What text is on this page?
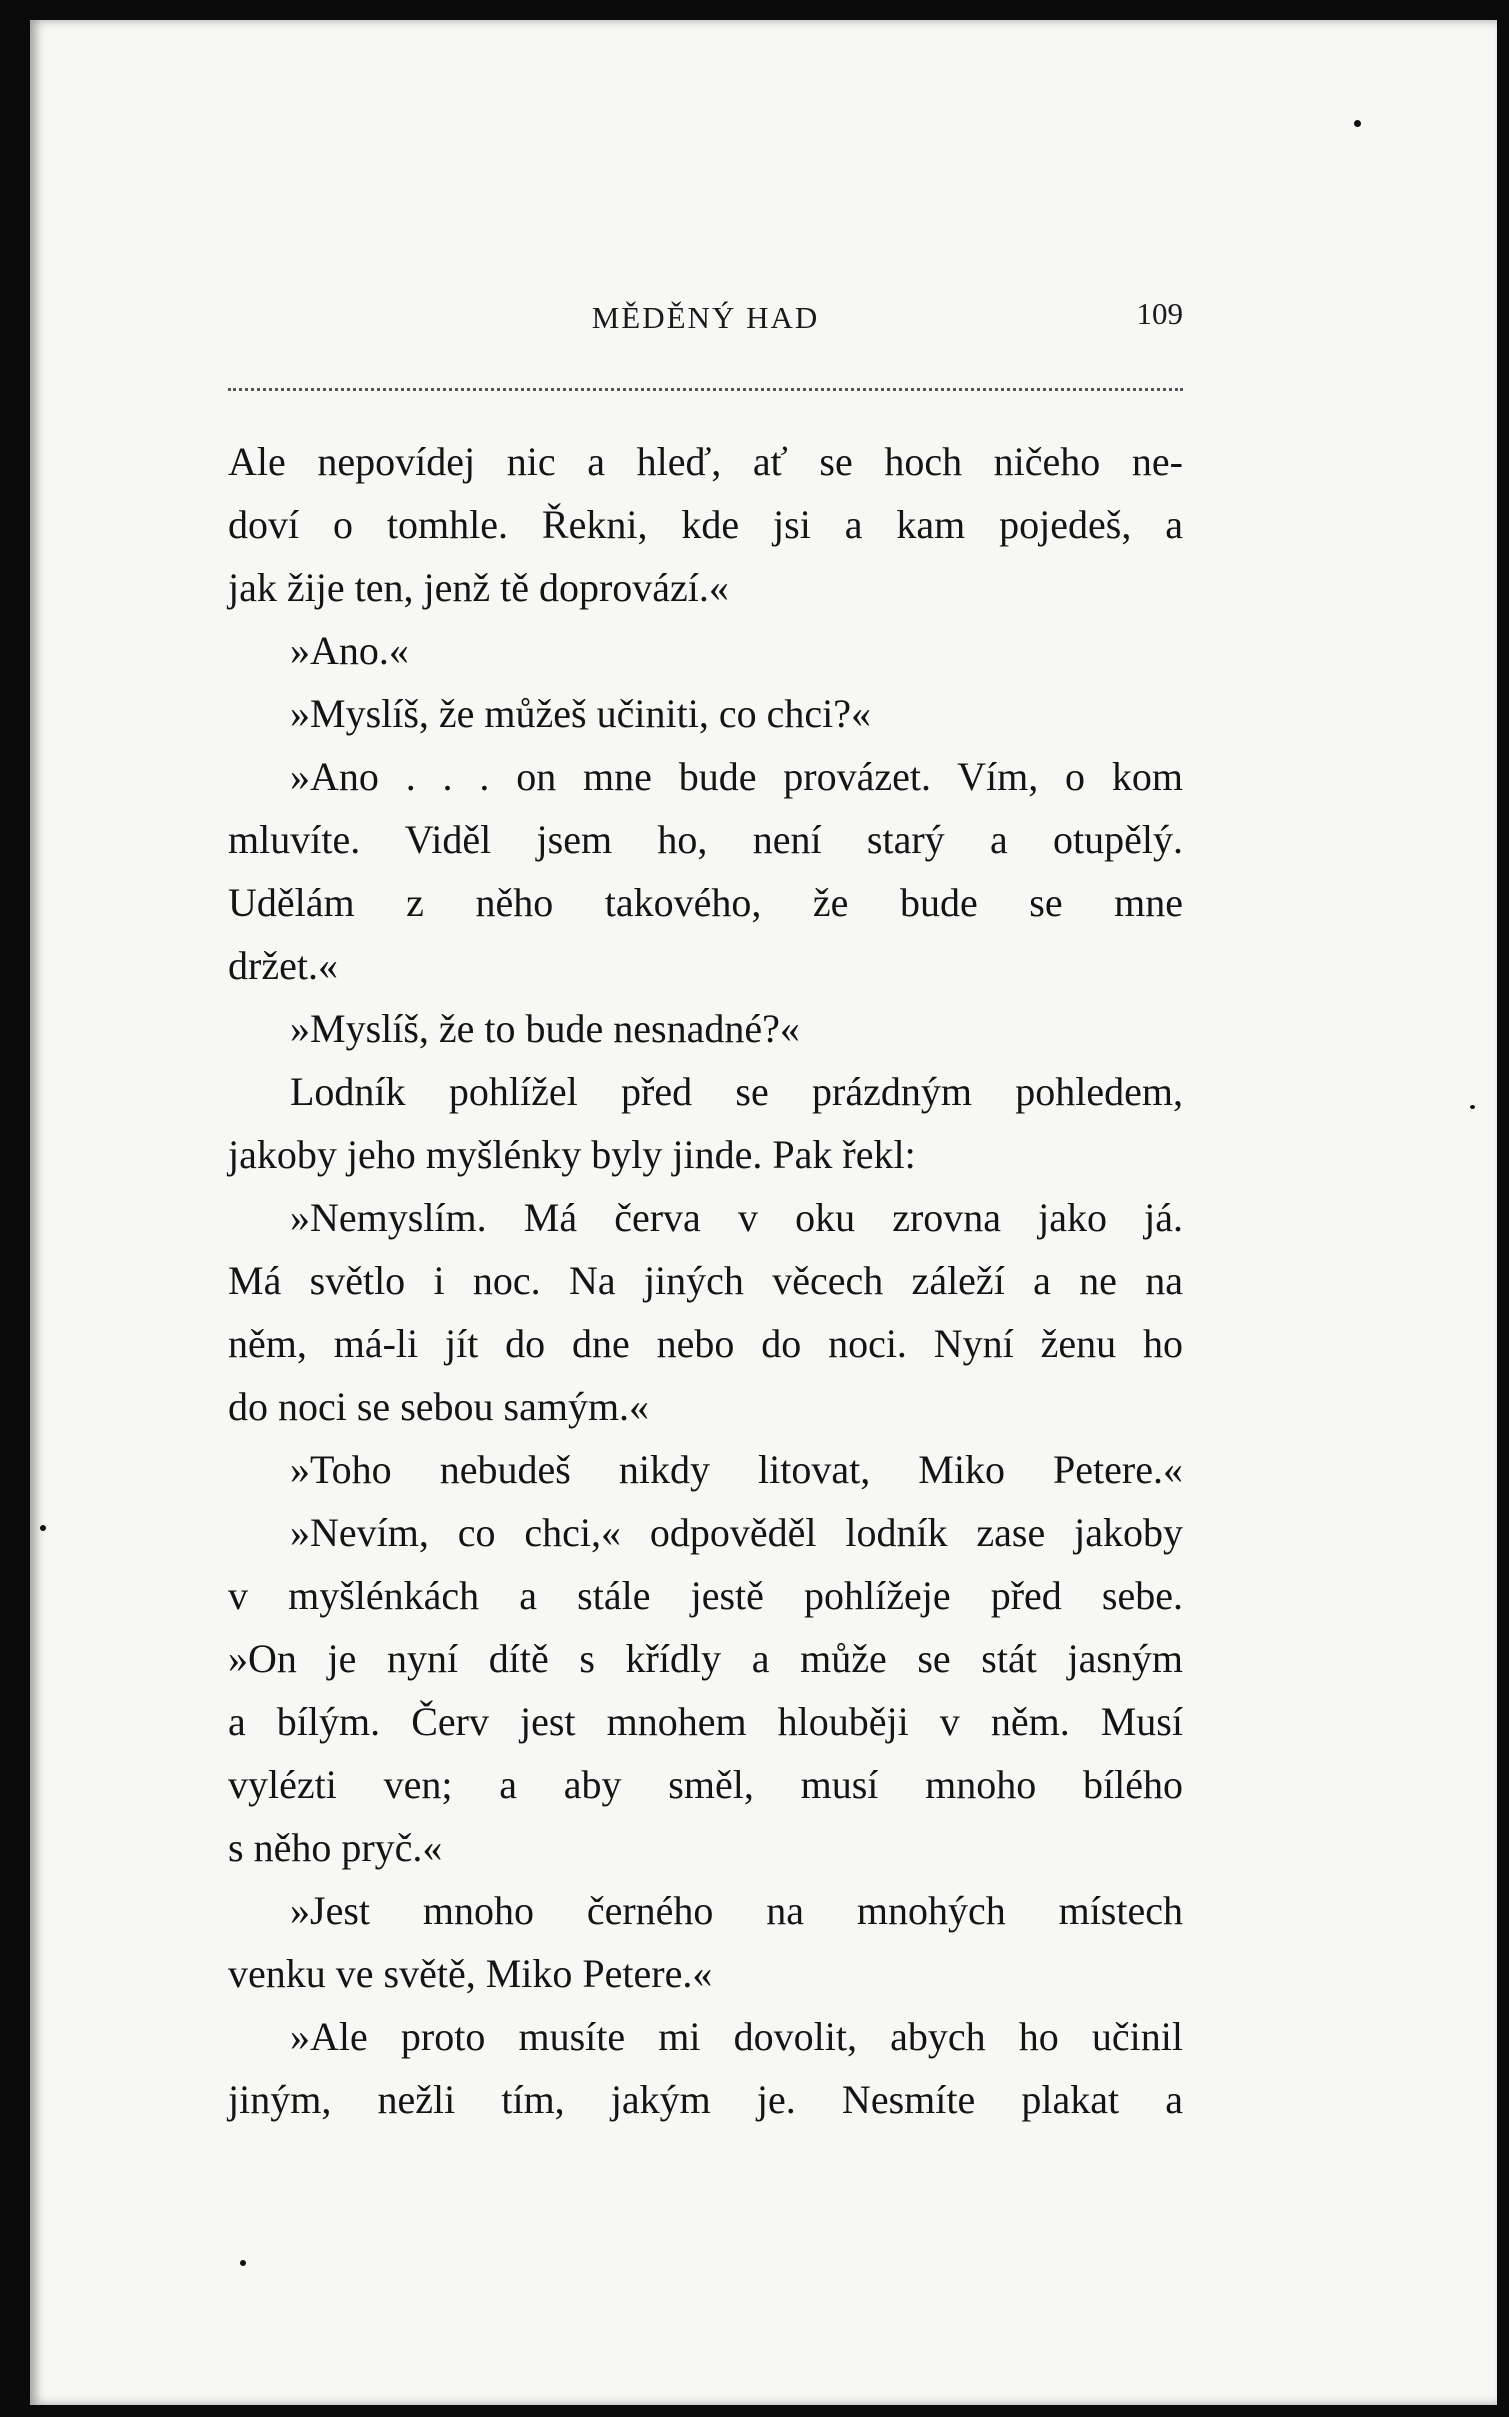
MĚDĚNÝ HAD	109
Ale nepovídej nic a hleď, ať se hoch ničeho ne-
doví o tomhle. Řekni, kde jsi a kam pojedeš, a
jak žije ten, jenž tě doprovází.«
»Ano.«
»Myslíš, že můžeš učiniti, co chci?«
»Ano . . . on mne bude provázet. Vím, o kom
mluvíte. Viděl jsem ho, není starý a otupělý.
Udělám z něho takového, že bude se mne
držet.«
»Myslíš, že to bude nesnadné?«
Lodník pohlížel před se prázdným pohledem,
jakoby jeho myšlénky byly jinde. Pak řekl:
»Nemyslím. Má červa v oku zrovna jako já.
Má světlo i noc. Na jiných věcech záleží a ne na
něm, má-li jít do dne nebo do noci. Nyní ženu ho
do noci se sebou samým.«
»Toho nebudeš nikdy litovat, Miko Petere.«
»Nevím, co chci,« odpověděl lodník zase jakoby
v myšlénkách a stále jestě pohlížeje před sebe.
»On je nyní dítě s křídly a může se stát jasným
a bílým. Červ jest mnohem hlouběji v něm. Musí
vylézti ven; a aby směl, musí mnoho bílého
s něho pryč.«
»Jest mnoho černého na mnohých místech
venku ve světě, Miko Petere.«
»Ale proto musíte mi dovolit, abych ho učinil
jiným, nežli tím, jakým je. Nesmíte plakat a
